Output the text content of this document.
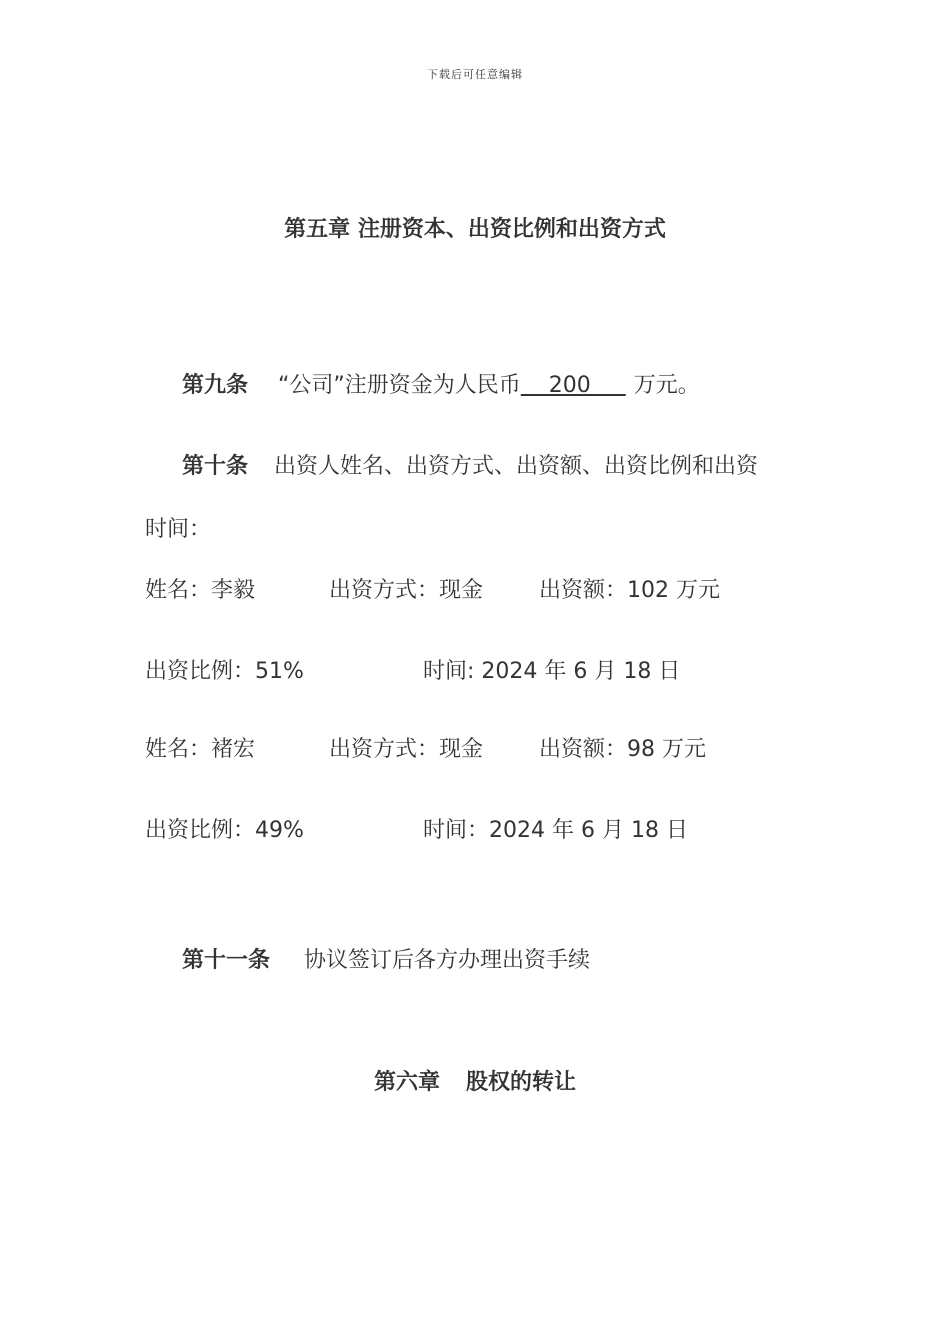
下载后可任意编辑
第五章 注册资本、出资比例和出资方式
第九条 “公司”注册资金为人民币    200     万元。
第十条 出资人姓名、出资方式、出资额、出资比例和出资
时间：
姓名：李毅	出资方式：现金	出资额：102 万元
出资比例：51%	时间: 2024 年 6 月 18 日
姓名：褚宏	出资方式：现金	出资额：98 万元
出资比例：49%	时间：2024 年 6 月 18 日
第十一条 协议签订后各方办理出资手续
第六章 股权的转让
